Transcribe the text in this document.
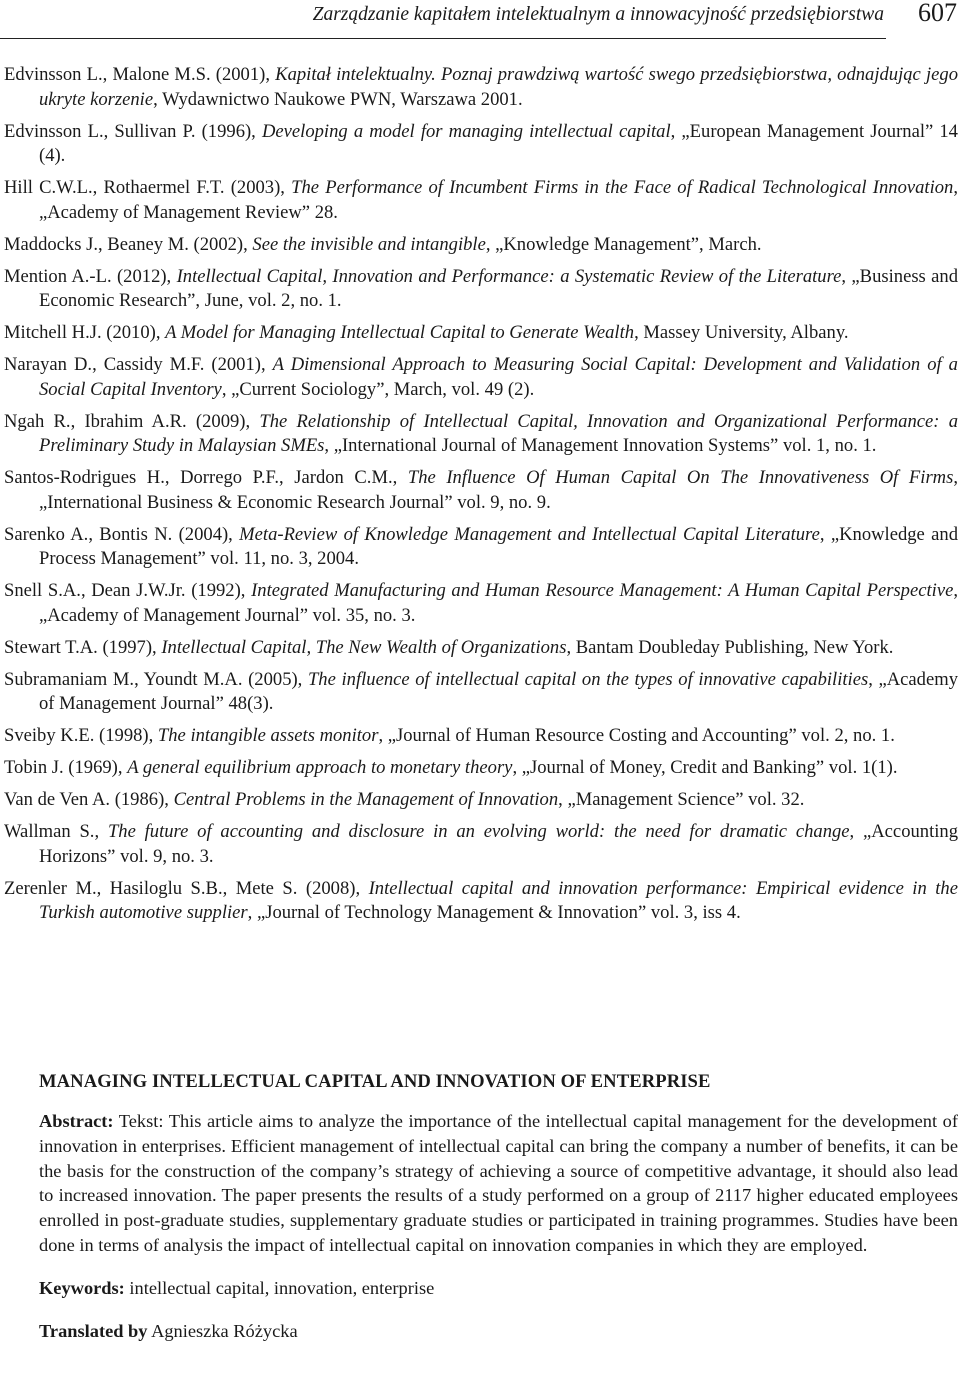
Zarządzanie kapitałem intelektualnym a innowacyjność przedsiębiorstwa 607

Edvinsson L., Malone M.S. (2001), Kapitał intelektualny. Poznaj prawdziwą wartość swego przedsiębiorstwa, odnajdując jego ukryte korzenie, Wydawnictwo Naukowe PWN, Warszawa 2001.

Edvinsson L., Sullivan P. (1996), Developing a model for managing intellectual capital, „European Management Journal” 14 (4).

Hill C.W.L., Rothaermel F.T. (2003), The Performance of Incumbent Firms in the Face of Radical Technological Innovation, „Academy of Management Review” 28.

Maddocks J., Beaney M. (2002), See the invisible and intangible, „Knowledge Management”, March.

Mention A.-L. (2012), Intellectual Capital, Innovation and Performance: a Systematic Review of the Literature, „Business and Economic Research”, June, vol. 2, no. 1.

Mitchell H.J. (2010), A Model for Managing Intellectual Capital to Generate Wealth, Massey University, Albany.

Narayan D., Cassidy M.F. (2001), A Dimensional Approach to Measuring Social Capital: Development and Validation of a Social Capital Inventory, „Current Sociology”, March, vol. 49 (2).

Ngah R., Ibrahim A.R. (2009), The Relationship of Intellectual Capital, Innovation and Organizational Performance: a Preliminary Study in Malaysian SMEs, „International Journal of Management Innovation Systems” vol. 1, no. 1.

Santos-Rodrigues H., Dorrego P.F., Jardon C.M., The Influence Of Human Capital On The Innovativeness Of Firms, „International Business & Economic Research Journal” vol. 9, no. 9.

Sarenko A., Bontis N. (2004), Meta-Review of Knowledge Management and Intellectual Capital Literature, „Knowledge and Process Management” vol. 11, no. 3, 2004.

Snell S.A., Dean J.W.Jr. (1992), Integrated Manufacturing and Human Resource Management: A Human Capital Perspective, „Academy of Management Journal” vol. 35, no. 3.

Stewart T.A. (1997), Intellectual Capital, The New Wealth of Organizations, Bantam Doubleday Publishing, New York.

Subramaniam M., Youndt M.A. (2005), The influence of intellectual capital on the types of innovative capabilities, „Academy of Management Journal” 48(3).

Sveiby K.E. (1998), The intangible assets monitor, „Journal of Human Resource Costing and Accounting” vol. 2, no. 1.

Tobin J. (1969), A general equilibrium approach to monetary theory, „Journal of Money, Credit and Banking” vol. 1(1).

Van de Ven A. (1986), Central Problems in the Management of Innovation, „Management Science” vol. 32.

Wallman S., The future of accounting and disclosure in an evolving world: the need for dramatic change, „Accounting Horizons” vol. 9, no. 3.

Zerenler M., Hasiloglu S.B., Mete S. (2008), Intellectual capital and innovation performance: Empirical evidence in the Turkish automotive supplier, „Journal of Technology Management & Innovation” vol. 3, iss 4.

MANAGING INTELLECTUAL CAPITAL AND INNOVATION OF ENTERPRISE

Abstract: Tekst: This article aims to analyze the importance of the intellectual capital management for the development of innovation in enterprises. Efficient management of intellectual capital can bring the company a number of benefits, it can be the basis for the construction of the company’s strategy of achieving a source of competitive advantage, it should also lead to increased innovation. The paper presents the results of a study performed on a group of 2117 higher educated employees enrolled in post-graduate studies, supplementary graduate studies or participated in training programmes. Studies have been done in terms of analysis the impact of intellectual capital on innovation companies in which they are employed.

Keywords: intellectual capital, innovation, enterprise

Translated by Agnieszka Różycka
